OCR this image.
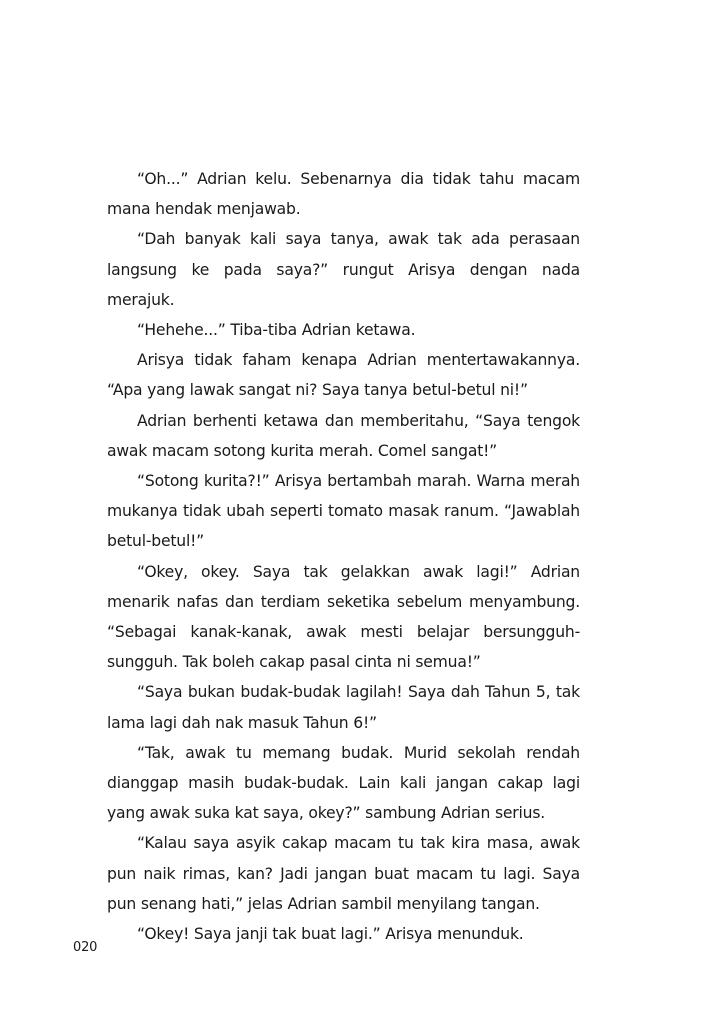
“Oh...” Adrian kelu. Sebenarnya dia tidak tahu macam mana hendak menjawab.

“Dah banyak kali saya tanya, awak tak ada perasaan langsung ke pada saya?” rungut Arisya dengan nada merajuk.

“Hehehe...” Tiba-tiba Adrian ketawa.

Arisya tidak faham kenapa Adrian mentertawakannya. “Apa yang lawak sangat ni? Saya tanya betul-betul ni!”

Adrian berhenti ketawa dan memberitahu, “Saya tengok awak macam sotong kurita merah. Comel sangat!”

“Sotong kurita?!” Arisya bertambah marah. Warna merah mukanya tidak ubah seperti tomato masak ranum. “Jawablah betul-betul!”

“Okey, okey. Saya tak gelakkan awak lagi!” Adrian menarik nafas dan terdiam seketika sebelum menyambung. “Sebagai kanak-kanak, awak mesti belajar bersungguh-sungguh. Tak boleh cakap pasal cinta ni semua!”

“Saya bukan budak-budak lagilah! Saya dah Tahun 5, tak lama lagi dah nak masuk Tahun 6!”

“Tak, awak tu memang budak. Murid sekolah rendah dianggap masih budak-budak. Lain kali jangan cakap lagi yang awak suka kat saya, okey?” sambung Adrian serius.

“Kalau saya asyik cakap macam tu tak kira masa, awak pun naik rimas, kan? Jadi jangan buat macam tu lagi. Saya pun senang hati,” jelas Adrian sambil menyilang tangan.

“Okey! Saya janji tak buat lagi.” Arisya menunduk.

020
